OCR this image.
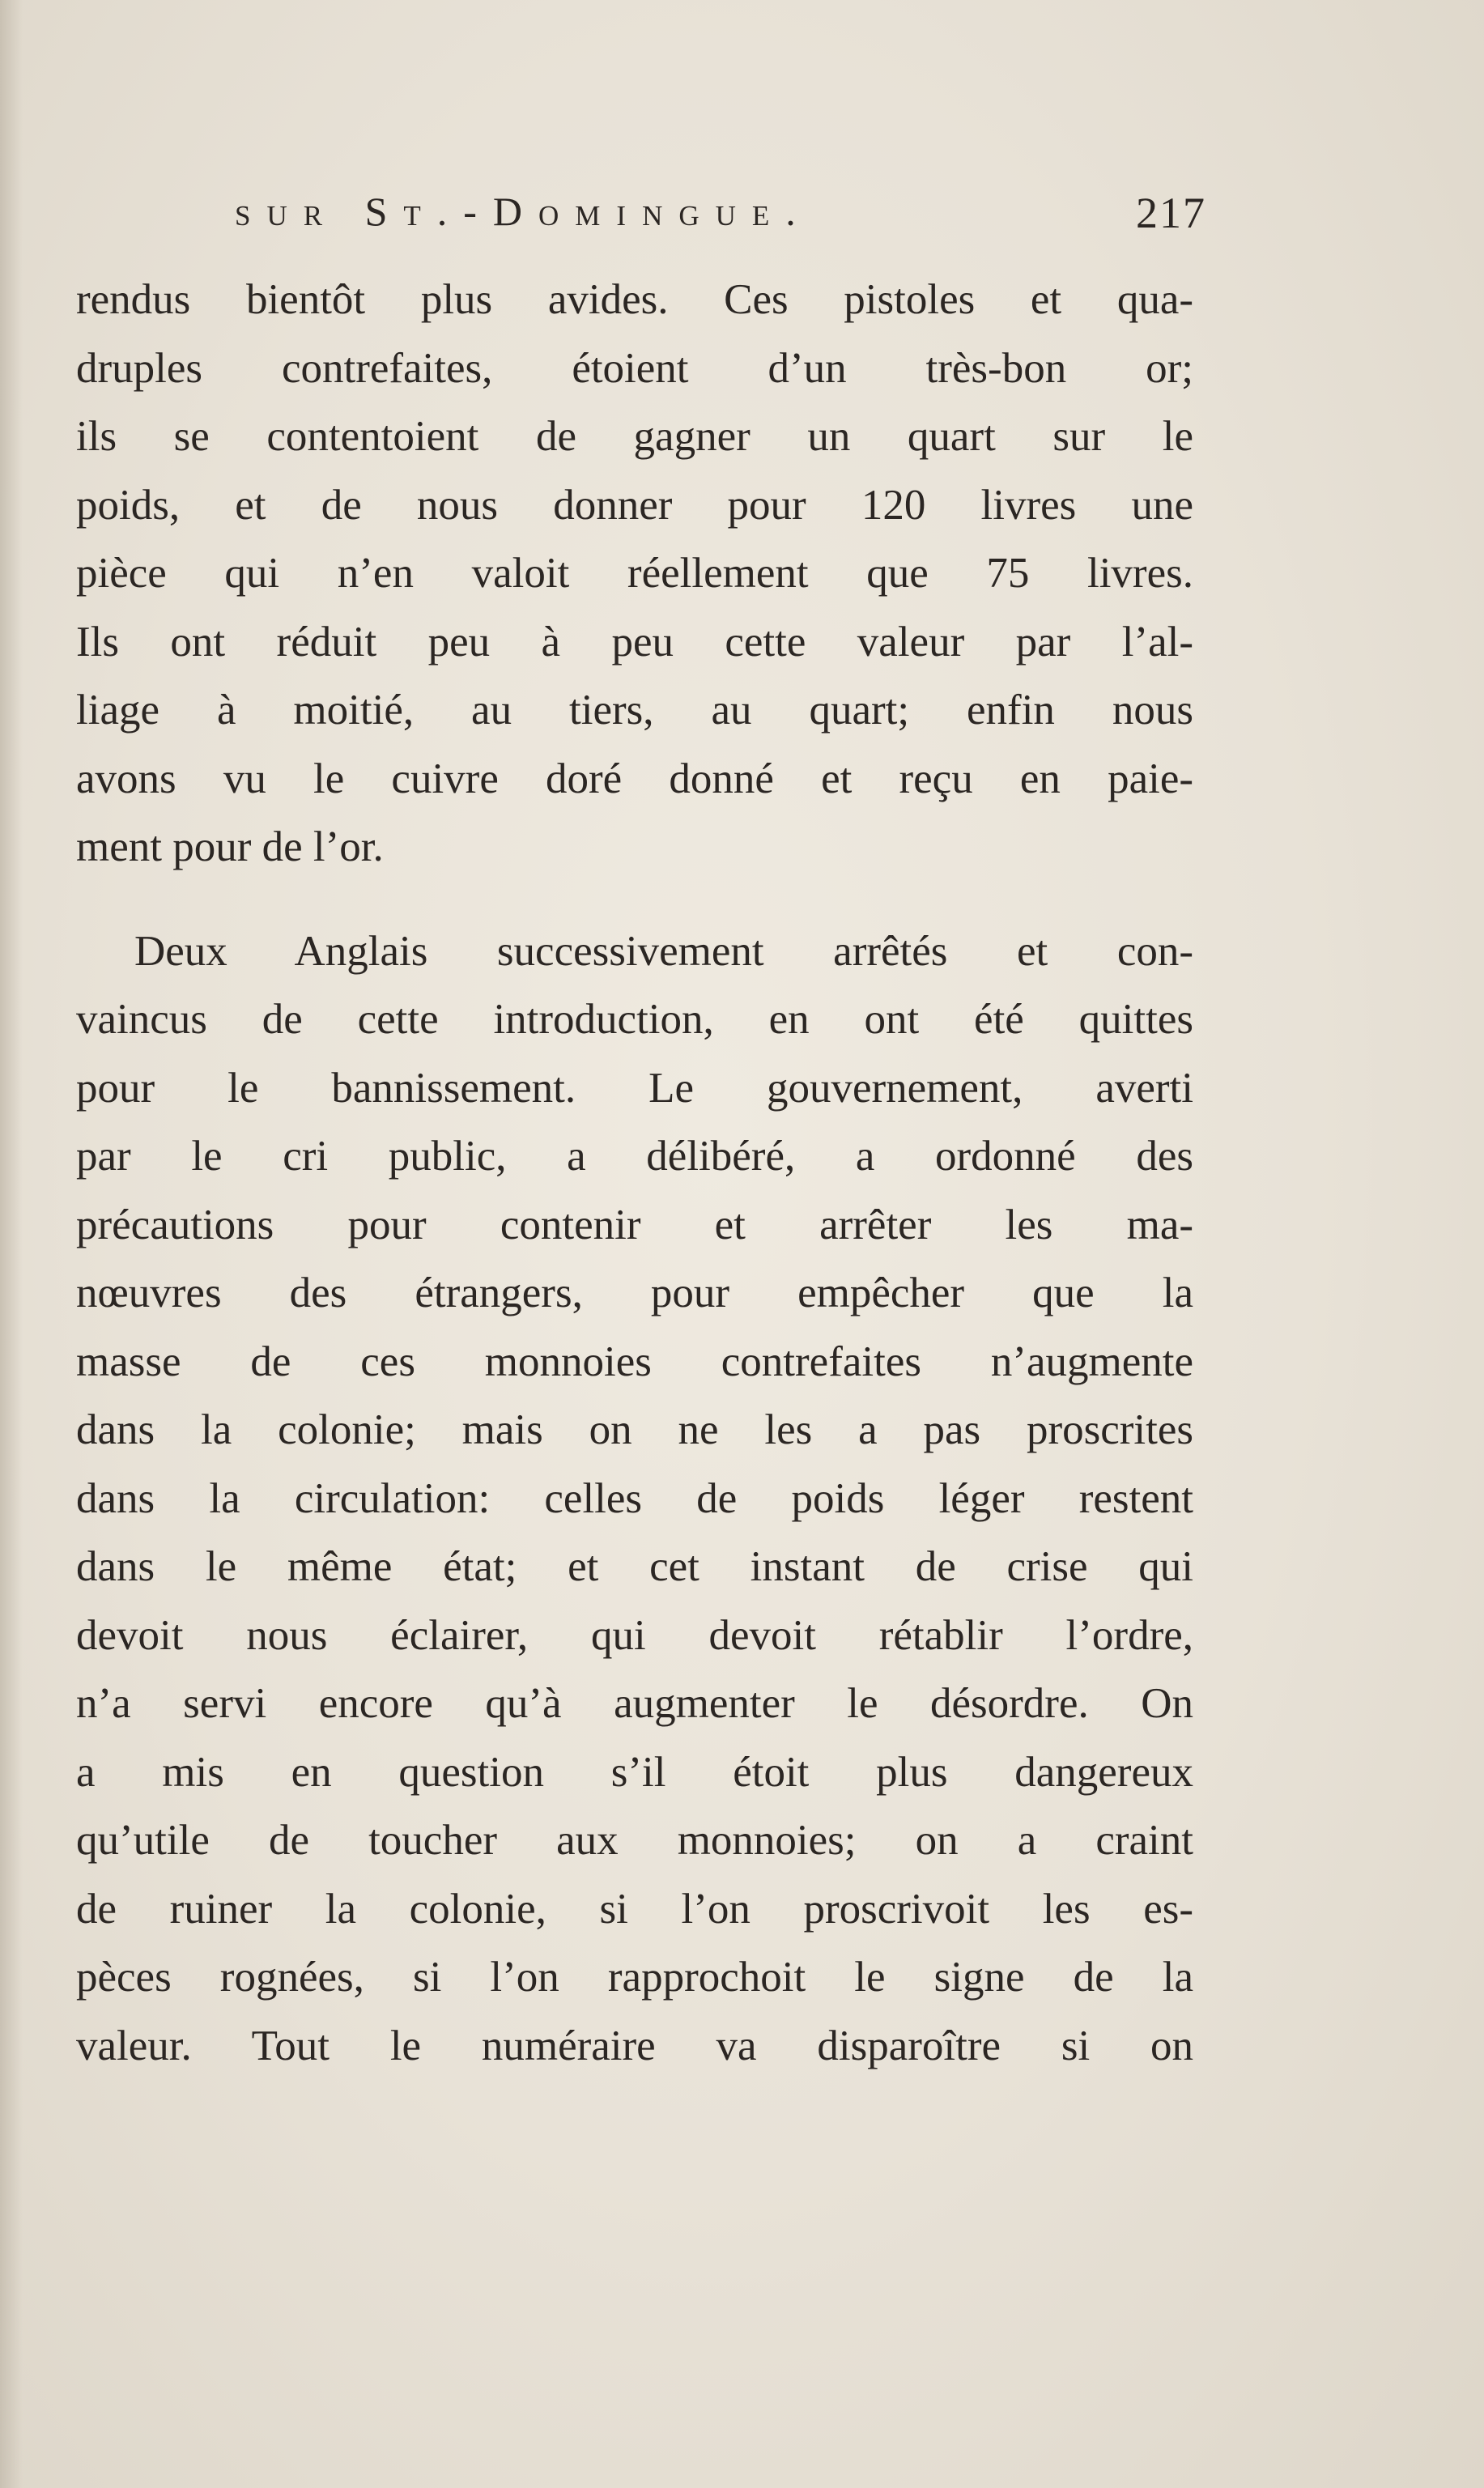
sur St.-Domingue.	217
rendus bientôt plus avides. Ces pistoles et qua-
druples contrefaites, étoient d’un très-bon or;
ils se contentoient de gagner un quart sur le
poids, et de nous donner pour 120 livres une
pièce qui n’en valoit réellement que 75 livres.
Ils ont réduit peu à peu cette valeur par l’al-
liage à moitié, au tiers, au quart; enfin nous
avons vu le cuivre doré donné et reçu en paie-
ment pour de l’or.
Deux Anglais successivement arrêtés et con-
vaincus de cette introduction, en ont été quittes
pour le bannissement. Le gouvernement, averti
par le cri public, a délibéré, a ordonné des
précautions pour contenir et arrêter les ma-
nœuvres des étrangers, pour empêcher que la
masse de ces monnoies contrefaites n’augmente
dans la colonie; mais on ne les a pas proscrites
dans la circulation: celles de poids léger restent
dans le même état; et cet instant de crise qui
devoit nous éclairer, qui devoit rétablir l’ordre,
n’a servi encore qu’à augmenter le désordre. On
a mis en question s’il étoit plus dangereux
qu’utile de toucher aux monnoies; on a craint
de ruiner la colonie, si l’on proscrivoit les es-
pèces rognées, si l’on rapprochoit le signe de la
valeur. Tout le numéraire va disparoître si on
